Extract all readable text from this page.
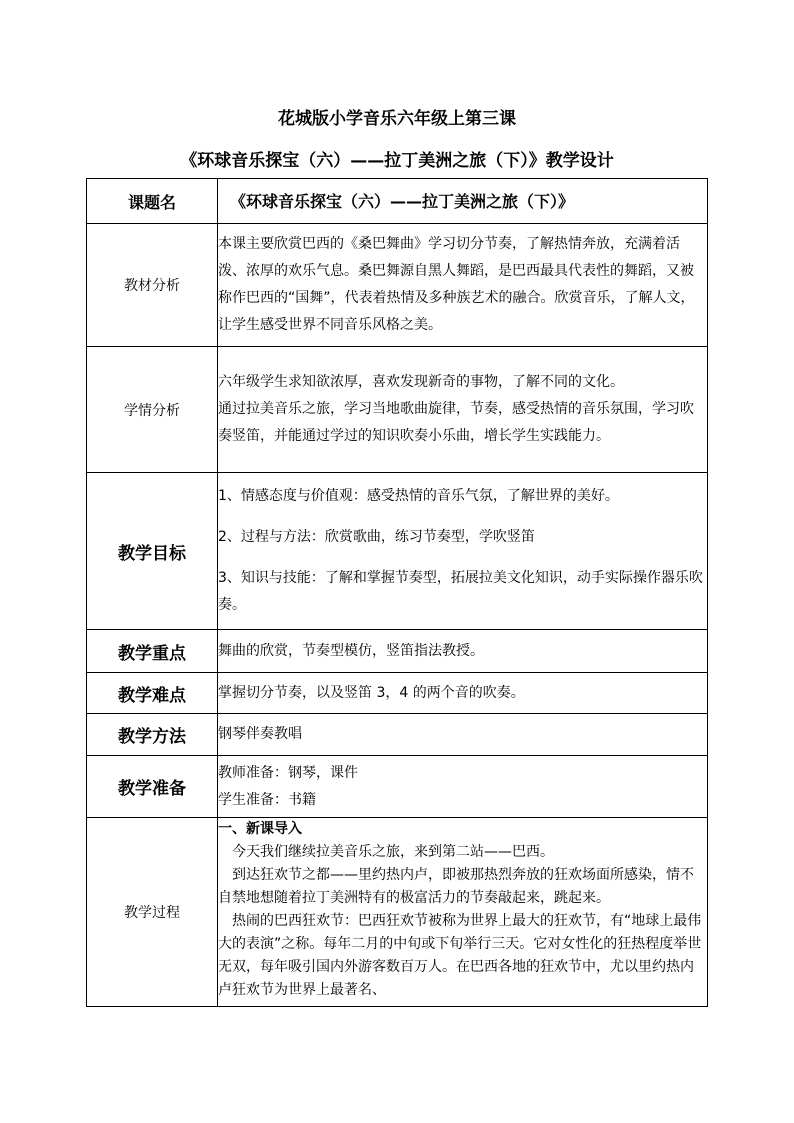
花城版小学音乐六年级上第三课
《环球音乐探宝（六）——拉丁美洲之旅（下）》教学设计
课题名	《环球音乐探宝（六）——拉丁美洲之旅（下）》
教材分析	本课主要欣赏巴西的《桑巴舞曲》学习切分节奏，了解热情奔放，充满着活泼、浓厚的欢乐气息。桑巴舞源自黑人舞蹈，是巴西最具代表性的舞蹈，又被称作巴西的“国舞”，代表着热情及多种族艺术的融合。欣赏音乐，了解人文，让学生感受世界不同音乐风格之美。
学情分析	六年级学生求知欲浓厚，喜欢发现新奇的事物，了解不同的文化。

通过拉美音乐之旅，学习当地歌曲旋律，节奏，感受热情的音乐氛围，学习吹奏竖笛，并能通过学过的知识吹奏小乐曲，增长学生实践能力。

教学目标	1、情感态度与价值观：感受热情的音乐气氛，了解世界的美好。

2、过程与方法：欣赏歌曲，练习节奏型，学吹竖笛

3、知识与技能：了解和掌握节奏型，拓展拉美文化知识，动手实际操作器乐吹奏。

教学重点	舞曲的欣赏，节奏型模仿，竖笛指法教授。
教学难点	掌握切分节奏，以及竖笛 3，4 的两个音的吹奏。
教学方法	钢琴伴奏教唱
教学准备	教师准备：钢琴，课件

学生准备：书籍

教学过程	一、新课导入

今天我们继续拉美音乐之旅，来到第二站——巴西。

到达狂欢节之都——里约热内卢，即被那热烈奔放的狂欢场面所感染，情不自禁地想随着拉丁美洲特有的极富活力的节奏敲起来，跳起来。

热闹的巴西狂欢节：巴西狂欢节被称为世界上最大的狂欢节，有“地球上最伟大的表演”之称。每年二月的中旬或下旬举行三天。它对女性化的狂热程度举世无双，每年吸引国内外游客数百万人。在巴西各地的狂欢节中，尤以里约热内卢狂欢节为世界上最著名、
